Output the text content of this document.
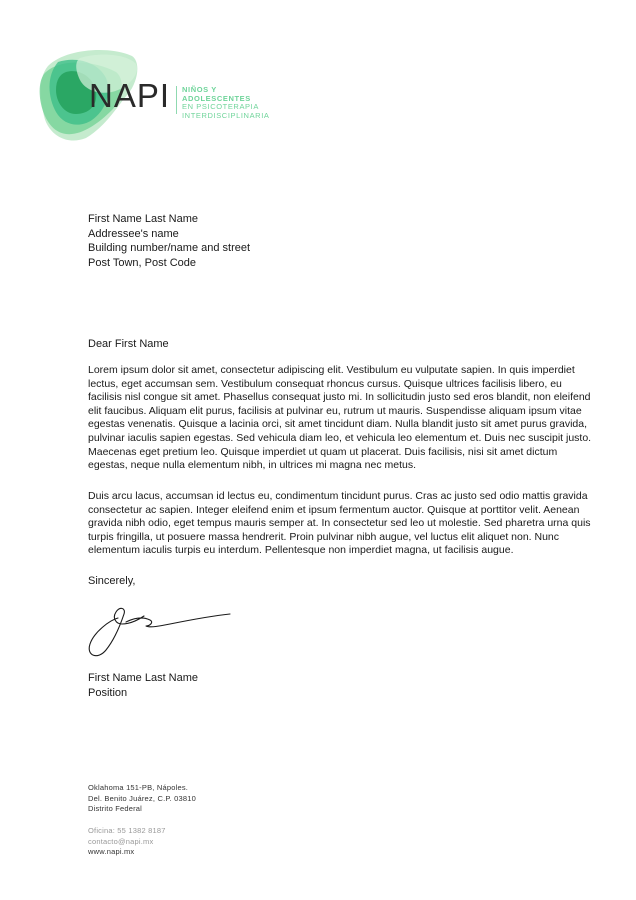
NAPI NIÑOS Y ADOLESCENTES
EN PSICOTERAPIA
INTERDISCIPLINARIA
First Name Last Name
Addressee's name
Building number/name and street
Post Town, Post Code
Dear First Name

Lorem ipsum dolor sit amet, consectetur adipiscing elit. Vestibulum eu vulputate sapien. In quis imperdiet lectus, eget accumsan sem. Vestibulum consequat rhoncus cursus. Quisque ultrices facilisis libero, eu facilisis nisl congue sit amet. Phasellus consequat justo mi. In sollicitudin justo sed eros blandit, non eleifend elit faucibus. Aliquam elit purus, facilisis at pulvinar eu, rutrum ut mauris. Suspendisse aliquam ipsum vitae egestas venenatis. Quisque a lacinia orci, sit amet tincidunt diam. Nulla blandit justo sit amet purus gravida, pulvinar iaculis sapien egestas. Sed vehicula diam leo, et vehicula leo elementum et. Duis nec suscipit justo. Maecenas eget pretium leo. Quisque imperdiet ut quam ut placerat. Duis facilisis, nisi sit amet dictum egestas, neque nulla elementum nibh, in ultrices mi magna nec metus.

Duis arcu lacus, accumsan id lectus eu, condimentum tincidunt purus. Cras ac justo sed odio mattis gravida consectetur ac sapien. Integer eleifend enim et ipsum fermentum auctor. Quisque at porttitor velit. Aenean gravida nibh odio, eget tempus mauris semper at. In consectetur sed leo ut molestie. Sed pharetra urna quis turpis fringilla, ut posuere massa hendrerit. Proin pulvinar nibh augue, vel luctus elit aliquet non. Nunc elementum iaculis turpis eu interdum. Pellentesque non imperdiet magna, ut facilisis augue.

Sincerely,
First Name Last Name
Position
Oklahoma 151-PB, Nápoles.
Del. Benito Juárez, C.P. 03810
Distrito Federal
Oficina: 55 1382 8187
contacto@napi.mx
www.napi.mx
